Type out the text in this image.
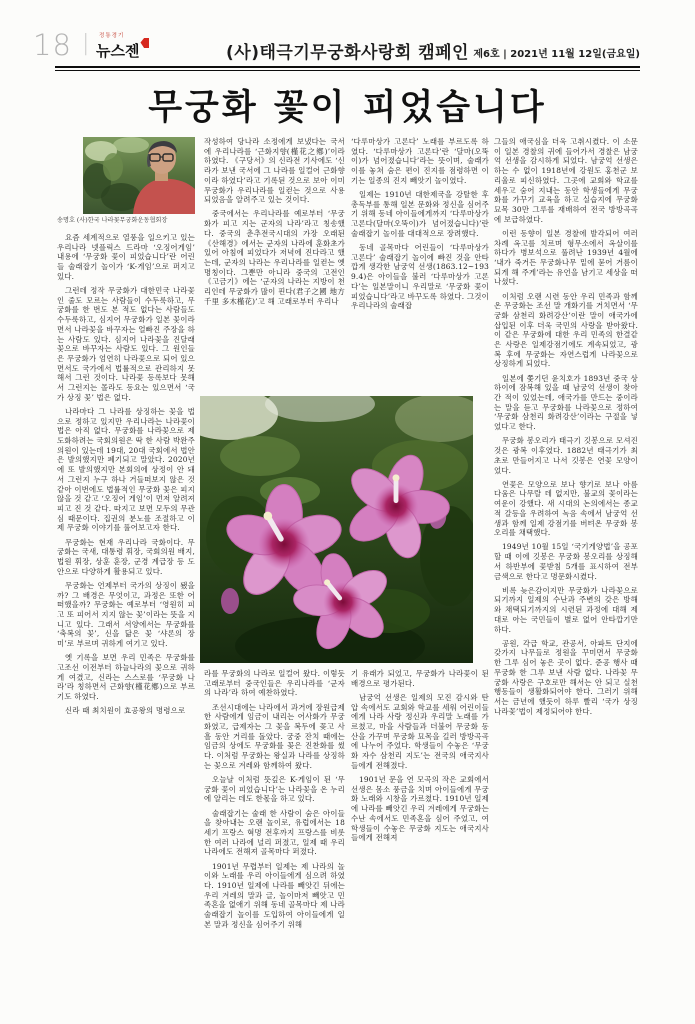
18 | 정통경기
뉴스젠	(사)태극기무궁화사랑회 캠페인 제6호 | 2021년 11월 12일(금요일)
무궁화 꽃이 피었습니다
송명호 (사)한국 나라꽃무궁화운동협회장

요즘 세계적으로 열풍을 일으키고 있는 우리나라 넷플릭스 드라마 ‘오징어게임’ 내용에 ‘무궁화 꽃이 피었습니다’란 어린들 술래잡기 놀이가 ‘K-게임’으로 퍼지고 있다.

그런데 정작 무궁화가 대한민국 나라꽃인 줄도 모르는 사람들이 수두룩하고, 무궁화를 한 번도 본 적도 없다는 사람들도 수두룩하고, 심지어 무궁화가 일본 꽃이라면서 나라꽃을 바꾸자는 얼빠진 주장을 하는 사람도 있다. 심지어 나라꽃을 진달래꽃으로 바꾸자는 사람도 있다. 그 원인들은 무궁화가 엄연히 나라꽃으로 되어 있으면서도 국가에서 법률적으로 관리하지 못해서 그런 것이다. 나라꽃 등록보다 못해서 그런지는 몰라도 동요는 있으면서 ‘국가 상징 꽃’ 법은 없다.

나라마다 그 나라를 상징하는 꽃을 법으로 정하고 있지만 우리나라는 나라꽃이 법은 아직 없다. 무궁화를 나라꽃으로 제도화하려는 국회의원은 딱 한 사람 박완주 의원이 있는데 19대, 20대 국회에서 법안은 발의했지만 폐기되고 말았다. 2020년에 또 발의했지만 본회의에 상정이 안 돼서 그런지 누구 하나 거들떠보지 않은 것 같아 이번에도 법률적인 무궁화 꽃은 피지 않을 것 같고 ‘오징어 게임’이 먼저 알려져 피고 진 것 같다. 따지고 보면 모두의 무관심 때문이다. 집권의 분노를 조절하고 이제 무궁화 이야기를 풀어보고자 한다.

무궁화는 현재 우리나라 국화이다. 무궁화는 국새, 대통령 휘장, 국회의원 배지, 법원 휘장, 상훈 훈장, 군경 계급장 등 도안으로 다양하게 활용되고 있다.

무궁화는 언제부터 국가의 상징이 됐을까? 그 배경은 무엇이고, 과정은 또한 어떠했을까? 무궁화는 예로부터 ‘영원히 피고 또 피어서 지지 않는 꽃’이라는 뜻을 지니고 있다. 그래서 서양에서는 무궁화를 ‘축복의 꽃’, 신을 닮은 꽃 ‘샤론의 장미’로 부르며 귀하게 여기고 있다.

옛 기록을 보면 우리 민족은 무궁화를 고조선 이전부터 하늘나라의 꽃으로 귀하게 여겼고, 신라는 스스로를 ‘무궁화 나라’라 칭하면서 근화향(槿花鄕)으로 부르기도 하였다.

신라 때 최치원이 효공왕의 명령으로

작성하여 당나라 소정에게 보냈다는 국서에 우리나라를 ‘근화지향(槿花之鄕)’이라 하였다. 《구당서》의 신라전 기사에도 ‘신라가 보낸 국서에 그 나라를 일컬어 근화향이라 하였다’라고 기록된 것으로 보아 이미 무궁화가 우리나라를 일컫는 것으로 사용되었음을 알려주고 있는 것이다.

중국에서는 우리나라를 예로부터 ‘무궁화가 피고 지는 군자의 나라’라고 칭송했다. 중국의 춘추전국시대의 가장 오래된 《산해경》에서는 군자의 나라에 훈화초가 있어 아침에 피었다가 저녁에 진다라고 했는데, 군자의 나라는 우리나라를 일컫는 옛 명칭이다. 그뿐만 아니라 중국의 고전인 《고금기》에는 ‘군자의 나라는 지방이 천리인데 무궁화가 많이 핀다(君子之國 地方千里 多木槿花)’고 해 고래로부터 우리나

‘다루마상가 고론다’ 노래를 부르도록 하였다. ‘다루마상가 고론다’란 ‘달마(오뚝이)가 넘어졌습니다’라는 뜻이며, 술래가 이를 놓쳐 숨은 편이 진지를 점령하면 이기는 일종의 진지 빼앗기 놀이였다.

일제는 1910년 대한제국을 강탈한 후 총독부를 통해 일본 문화와 정신을 심어주기 위해 동네 아이들에게까지 ‘다루마상가 고론다(달마(오뚝이)가 넘어졌습니다)’란 술래잡기 놀이를 대대적으로 장려했다.

동네 골목마다 어린들이 ‘다루마상가 고론다’ 술래잡기 놀이에 빠진 것을 안타깝게 생각한 남궁억 선생(1863.12~1939.4)은 아이들을 불러 ‘다루마상가 고론다’는 일본말이니 우리말로 ‘무궁화 꽃이 피었습니다’라고 바꾸도록 하였다. 그것이 우리나라의 술래잡

라를 무궁화의 나라로 일컬어 왔다. 이렇듯 고래로부터 중국인들은 우리나라를 ‘군자의 나라’라 하여 예찬하였다.

조선시대에는 나라에서 과거에 장원급제한 사람에게 임금이 내리는 어사화가 무궁화였고, 급제자는 그 꽃을 복두에 꽂고 사흘 동안 거리를 돌았다. 궁중 잔치 때에는 임금의 상에도 무궁화를 꽂은 진찬화를 썼다. 이처럼 무궁화는 왕실과 나라를 상징하는 꽃으로 겨레와 함께하여 왔다.

오늘날 이처럼 뜻깊은 K-게임이 된 ‘무궁화 꽃이 피었습니다’는 나라꽃을 온 누리에 알리는 데도 한몫을 하고 있다.

술래잡기는 술래 한 사람이 숨은 아이들을 찾아내는 오랜 놀이로, 유럽에서는 18세기 프랑스 혁명 전후까지 프랑스를 비롯한 여러 나라에 널리 퍼졌고, 일제 때 우리나라에도 전해져 골목마다 퍼졌다.

1901년 무렵부터 일제는 제 나라의 놀이와 노래를 우리 아이들에게 심으려 하였다. 1910년 일제에 나라를 빼앗긴 뒤에는 우리 겨레의 말과 글, 놀이마저 빼앗고 민족혼을 없애기 위해 동네 골목마다 제 나라 술래잡기 놀이를 도입하여 아이들에게 일본 말과 정신을 심어주기 위해

기 유래가 되었고, 무궁화가 나라꽃이 된 배경으로 평가된다.

남궁억 선생은 일제의 모진 감시와 탄압 속에서도 교회와 학교를 세워 어린이들에게 나라 사랑 정신과 우리말 노래를 가르쳤고, 마을 사람들과 더불어 무궁화 동산을 가꾸며 무궁화 묘목을 길러 방방곡곡에 나누어 주었다. 학생들이 수놓은 ‘무궁화 자수 삼천리 지도’는 전국의 애국지사들에게 전해졌다.

1901년 문을 연 모곡의 작은 교회에서 선생은 몸소 풍금을 치며 아이들에게 무궁화 노래와 시창을 가르쳤다. 1910년 일제에 나라를 빼앗긴 우리 겨레에게 무궁화는 수난 속에서도 민족혼을 심어 주었고, 여학생들이 수놓은 무궁화 지도는 애국지사들에게 전해져

그들의 애국심을 더욱 고취시켰다. 이 소문이 일본 경찰의 귀에 들어가서 경찰은 남궁억 선생을 감시하게 되었다. 남궁억 선생은 하는 수 없이 1918년에 강원도 홍천군 보리울로 피신하였다. 그곳에 교회와 학교를 세우고 숨어 지내는 동안 학생들에게 무궁화를 가꾸기 교육을 하고 실습지에 무궁화 묘목 30만 그루를 재배하여 전국 방방곡곡에 보급하였다.

이런 동향이 일본 경찰에 발각되어 여러 차례 옥고를 치르며 형무소에서 옥살이를 하다가 병보석으로 풀려난 1939년 4월에 ‘내가 죽거든 무궁화나무 밑에 묻어 거름이 되게 해 주게’라는 유언을 남기고 세상을 떠나셨다.

이처럼 오랜 시련 동안 우리 민족과 함께 온 무궁화는 조선 말 개화기를 거치면서 ‘무궁화 삼천리 화려강산’이란 말이 애국가에 삽입된 이후 더욱 국민의 사랑을 받아왔다. 이 같은 무궁화에 대한 우리 민족의 한결같은 사랑은 일제강점기에도 계속되었고, 광복 후에 무궁화는 자연스럽게 나라꽃으로 상징하게 되었다.

일본에 쫓기던 윤치호가 1893년 중국 상하이에 잠복해 있을 때 남궁억 선생이 찾아간 적이 있었는데, 애국가를 만드는 중이라는 말을 듣고 무궁화를 나라꽃으로 정하여 ‘무궁화 삼천리 화려강산’이라는 구절을 넣었다고 한다.

무궁화 봉오리가 태극기 깃봉으로 모셔진 것은 광복 이후였다. 1882년 태극기가 최초로 만들어지고 나서 깃봉은 연꽃 모양이었다.

연꽃은 모양으로 보나 향기로 보나 아름다움은 나무랄 데 없지만, 불교의 꽃이라는 여운이 강했다. 새 시대의 논의에서는 종교적 갈등을 우려하여 녹음 속에서 남궁억 선생과 함께 일제 강점기를 버텨온 무궁화 봉오리를 채택했다.

1949년 10월 15일 ‘국기게양법’을 공포할 때 이에 깃봉은 무궁화 봉오리를 상징해서 하반부에 꽃받침 5개를 표시하여 전부 금색으로 한다고 명문화시켰다.

비록 늦은감이지만 무궁화가 나라꽃으로 되기까지 일제의 수난과 주변의 갖은 방해와 채택되기까지의 시련된 과정에 대해 제대로 아는 국민들이 별로 없어 안타깝기만 하다.

공원, 각급 학교, 관공서, 아파트 단지에 갖가지 나무들로 정원을 꾸미면서 무궁화 한 그루 심어 놓은 곳이 없다. 준공 행사 때 무궁화 한 그루 보낸 사람 없다. 나라꽃 무궁화 사랑은 구호로만 해서는 안 되고 실천 행동들이 생활화되어야 한다. 그러기 위해서는 금년에 했듯이 하루 빨리 ‘국가 상징 나라꽃’법이 제정되어야 한다.
